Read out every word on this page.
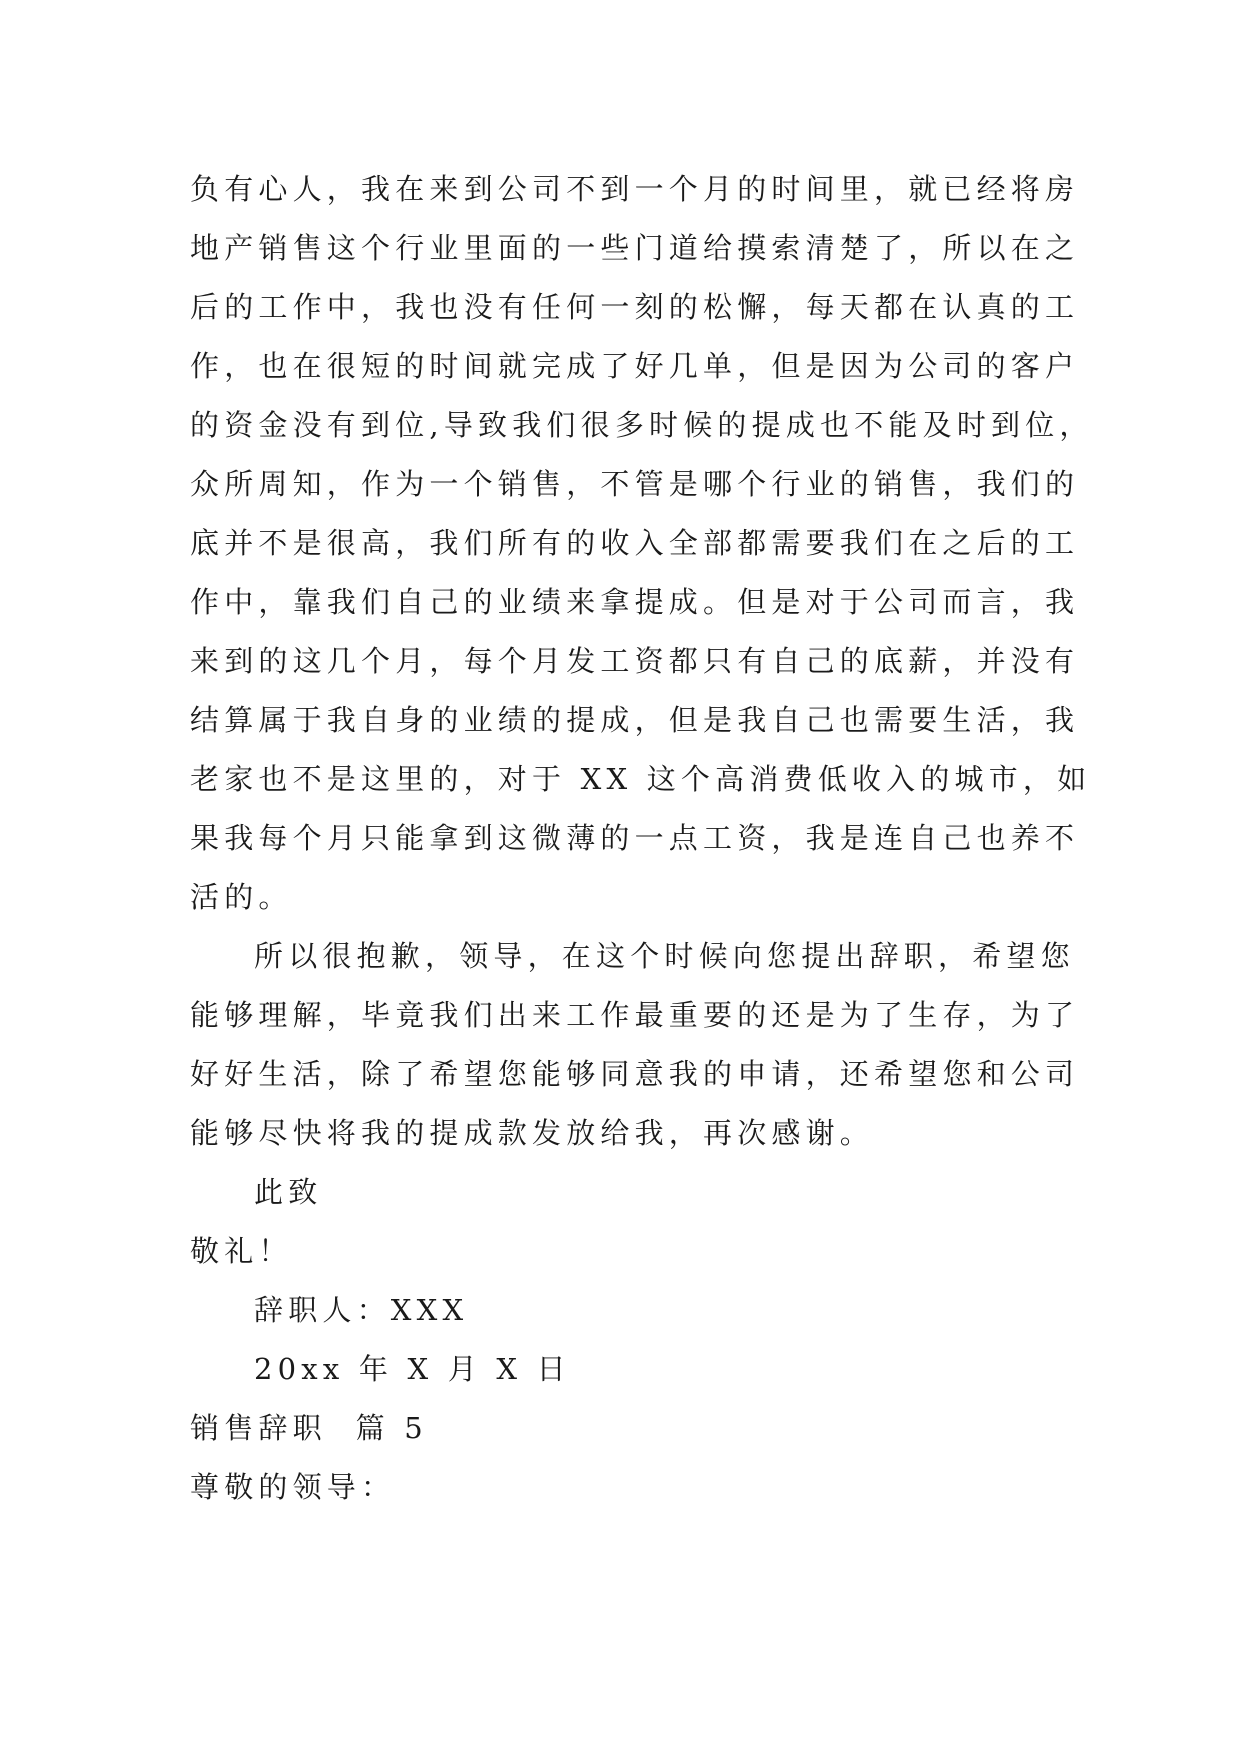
负有心人，我在来到公司不到一个月的时间里，就已经将房
地产销售这个行业里面的一些门道给摸索清楚了，所以在之
后的工作中，我也没有任何一刻的松懈，每天都在认真的工
作，也在很短的时间就完成了好几单，但是因为公司的客户
的资金没有到位,导致我们很多时候的提成也不能及时到位，
众所周知，作为一个销售，不管是哪个行业的销售，我们的
底并不是很高，我们所有的收入全部都需要我们在之后的工
作中，靠我们自己的业绩来拿提成。但是对于公司而言，我
来到的这几个月，每个月发工资都只有自己的底薪，并没有
结算属于我自身的业绩的提成，但是我自己也需要生活，我
老家也不是这里的，对于 XX 这个高消费低收入的城市，如
果我每个月只能拿到这微薄的一点工资，我是连自己也养不
活的。
所以很抱歉，领导，在这个时候向您提出辞职，希望您
能够理解，毕竟我们出来工作最重要的还是为了生存，为了
好好生活，除了希望您能够同意我的申请，还希望您和公司
能够尽快将我的提成款发放给我，再次感谢。
此致
敬礼！
辞职人：XXX
20xx 年 X 月 X 日
销售辞职  篇 5
尊敬的领导：
